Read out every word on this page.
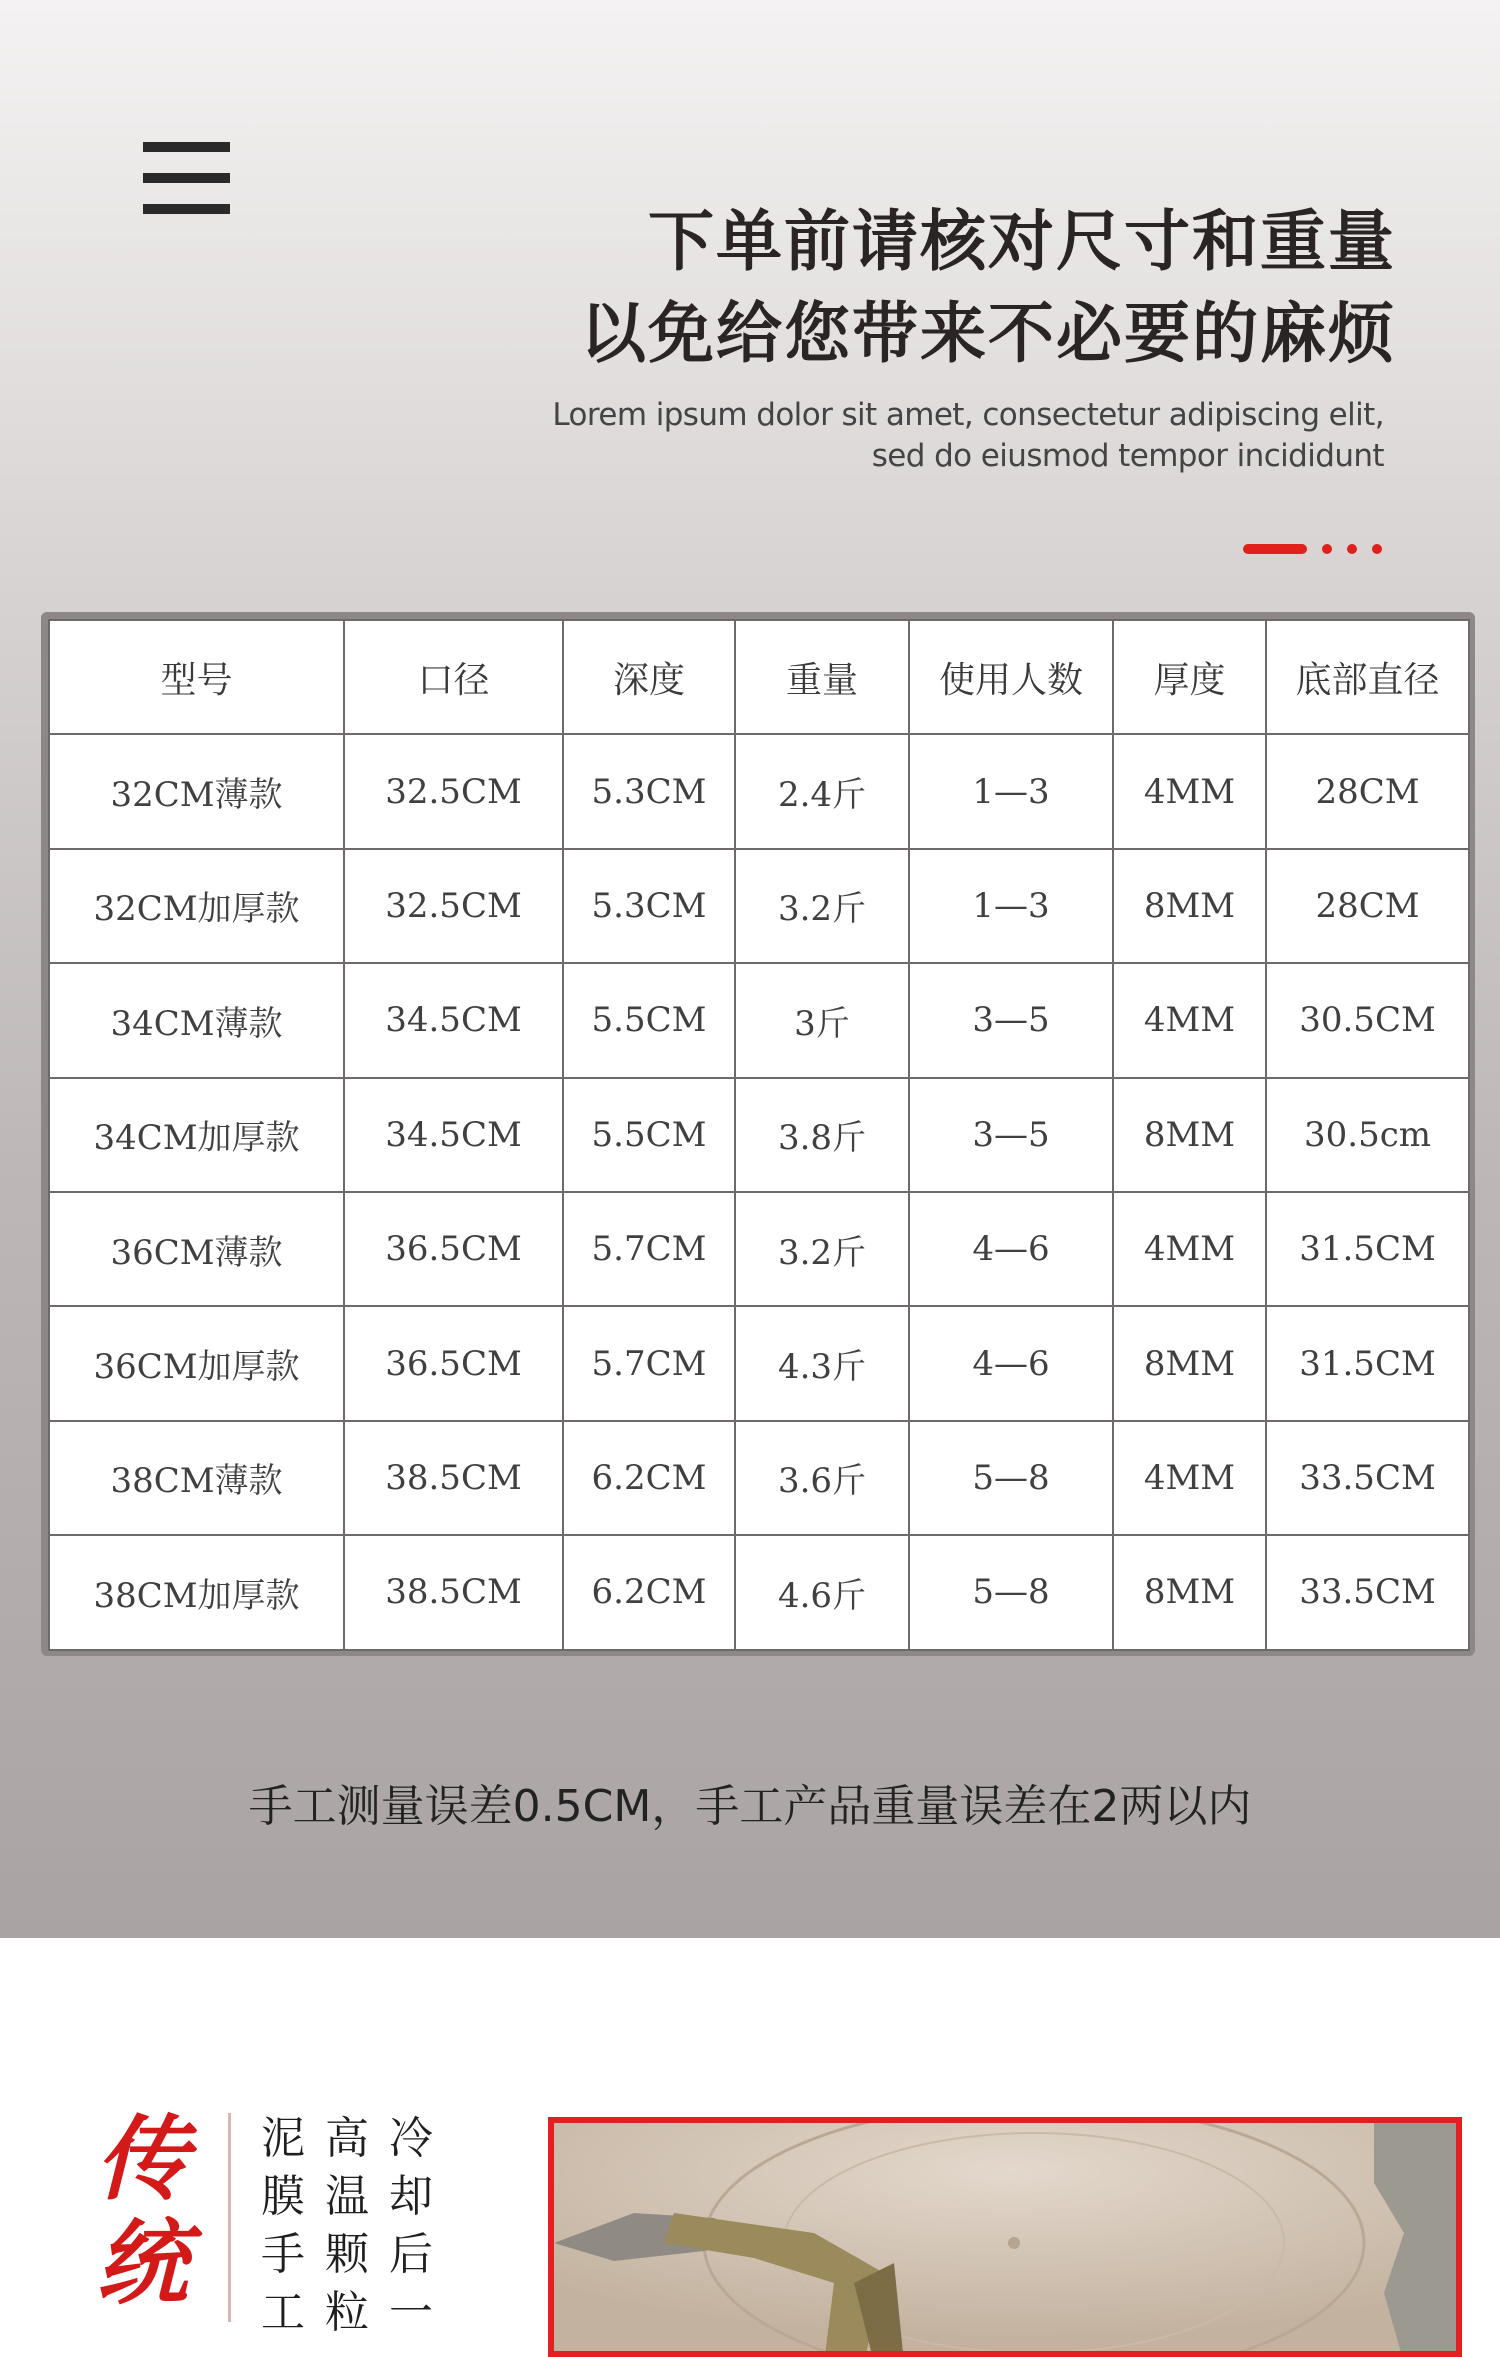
下单前请核对尺寸和重量
以免给您带来不必要的麻烦

Lorem ipsum dolor sit amet, consectetur adipiscing elit,

sed do eiusmod tempor incididunt

型号	口径	深度	重量	使用人数	厚度	底部直径
32CM薄款	32.5CM	5.3CM	2.4斤	1—3	4MM	28CM
32CM加厚款	32.5CM	5.3CM	3.2斤	1—3	8MM	28CM
34CM薄款	34.5CM	5.5CM	3斤	3—5	4MM	30.5CM
34CM加厚款	34.5CM	5.5CM	3.8斤	3—5	8MM	30.5cm
36CM薄款	36.5CM	5.7CM	3.2斤	4—6	4MM	31.5CM
36CM加厚款	36.5CM	5.7CM	4.3斤	4—6	8MM	31.5CM
38CM薄款	38.5CM	6.2CM	3.6斤	5—8	4MM	33.5CM
38CM加厚款	38.5CM	6.2CM	4.6斤	5—8	8MM	33.5CM

手工测量误差0.5CM，手工产品重量误差在2两以内

传
统

泥膜手工

高温颗粒

冷却后一
